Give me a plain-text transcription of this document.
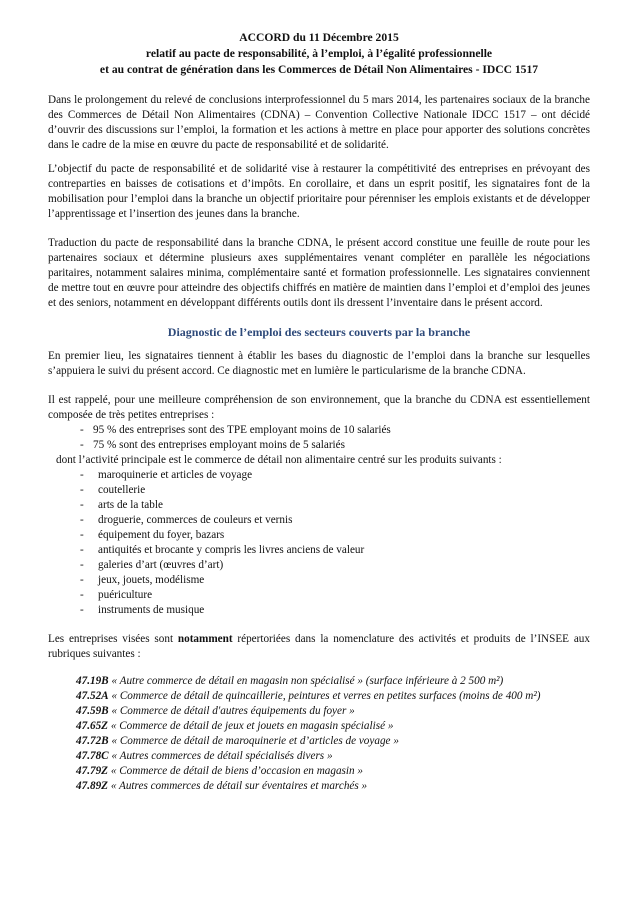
ACCORD du 11 Décembre 2015

relatif au pacte de responsabilité, à l’emploi, à l’égalité professionnelle

et au contrat de génération dans les Commerces de Détail Non Alimentaires - IDCC 1517

Dans le prolongement du relevé de conclusions interprofessionnel du 5 mars 2014, les partenaires sociaux de la branche des Commerces de Détail Non Alimentaires (CDNA) – Convention Collective Nationale IDCC 1517 – ont décidé d’ouvrir des discussions sur l’emploi, la formation et les actions à mettre en place pour apporter des solutions concrètes dans le cadre de la mise en œuvre du pacte de responsabilité et de solidarité.

L’objectif du pacte de responsabilité et de solidarité vise à restaurer la compétitivité des entreprises en prévoyant des contreparties en baisses de cotisations et d’impôts. En corollaire, et dans un esprit positif, les signataires font de la mobilisation pour l’emploi dans la branche un objectif prioritaire pour pérenniser les emplois existants et de développer l’apprentissage et l’insertion des jeunes dans la branche.

Traduction du pacte de responsabilité dans la branche CDNA, le présent accord constitue une feuille de route pour les partenaires sociaux et détermine plusieurs axes supplémentaires venant compléter en parallèle les négociations paritaires, notamment salaires minima, complémentaire santé et formation professionnelle. Les signataires conviennent de mettre tout en œuvre pour atteindre des objectifs chiffrés en matière de maintien dans l’emploi et d’emploi des jeunes et des seniors, notamment en développant différents outils dont ils dressent l’inventaire dans le présent accord.

Diagnostic de l’emploi des secteurs couverts par la branche

En premier lieu, les signataires tiennent à établir les bases du diagnostic de l’emploi dans la branche sur lesquelles s’appuiera le suivi du présent accord. Ce diagnostic met en lumière le particularisme de la branche CDNA.

Il est rappelé, pour une meilleure compréhension de son environnement, que la branche du CDNA est essentiellement composée de très petites entreprises :

- 95 % des entreprises sont des TPE employant moins de 10 salariés
- 75 % sont des entreprises employant moins de 5 salariés

dont l’activité principale est le commerce de détail non alimentaire centré sur les produits suivants :

- maroquinerie et articles de voyage
- coutellerie
- arts de la table
- droguerie, commerces de couleurs et vernis
- équipement du foyer, bazars
- antiquités et brocante y compris les livres anciens de valeur
- galeries d’art (œuvres d’art)
- jeux, jouets, modélisme
- puériculture
- instruments de musique

Les entreprises visées sont notamment répertoriées dans la nomenclature des activités et produits de l’INSEE aux rubriques suivantes :

47.19B « Autre commerce de détail en magasin non spécialisé » (surface inférieure à 2 500 m²)
47.52A « Commerce de détail de quincaillerie, peintures et verres en petites surfaces (moins de 400 m²)
47.59B « Commerce de détail d'autres équipements du foyer »
47.65Z « Commerce de détail de jeux et jouets en magasin spécialisé »
47.72B « Commerce de détail de maroquinerie et d’articles de voyage »
47.78C « Autres commerces de détail spécialisés divers »
47.79Z « Commerce de détail de biens d’occasion en magasin »
47.89Z « Autres commerces de détail sur éventaires et marchés »
